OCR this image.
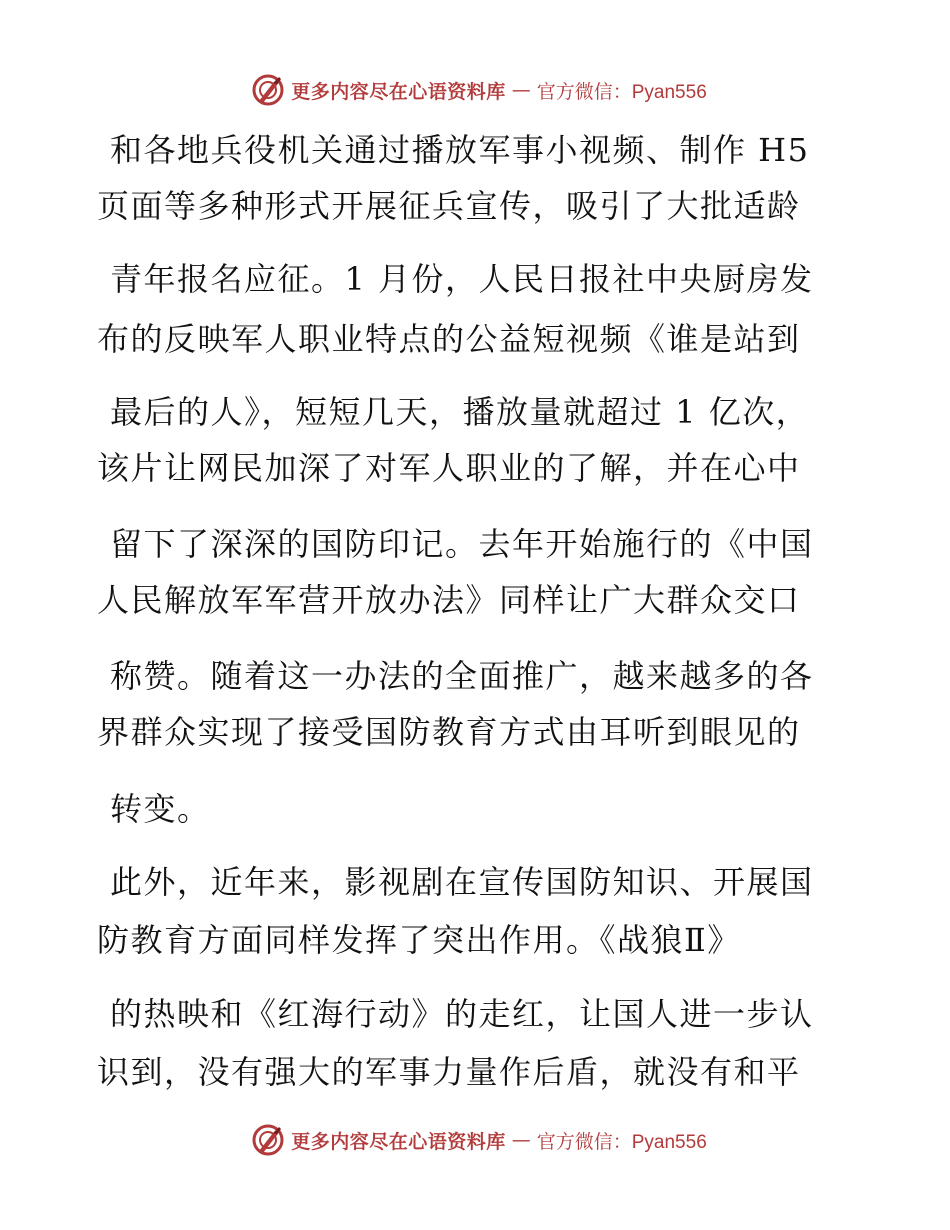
更多内容尽在心语资料库 — 官方微信：Pyan556
和各地兵役机关通过播放军事小视频、制作 H5
页面等多种形式开展征兵宣传，吸引了大批适龄
青年报名应征。1 月份，人民日报社中央厨房发
布的反映军人职业特点的公益短视频《谁是站到
最后的人》，短短几天，播放量就超过 1 亿次，
该片让网民加深了对军人职业的了解，并在心中
留下了深深的国防印记。去年开始施行的《中国
人民解放军军营开放办法》同样让广大群众交口
称赞。随着这一办法的全面推广，越来越多的各
界群众实现了接受国防教育方式由耳听到眼见的
转变。
此外，近年来，影视剧在宣传国防知识、开展国
防教育方面同样发挥了突出作用。《战狼Ⅱ》
的热映和《红海行动》的走红，让国人进一步认
识到，没有强大的军事力量作后盾，就没有和平
更多内容尽在心语资料库 — 官方微信：Pyan556
